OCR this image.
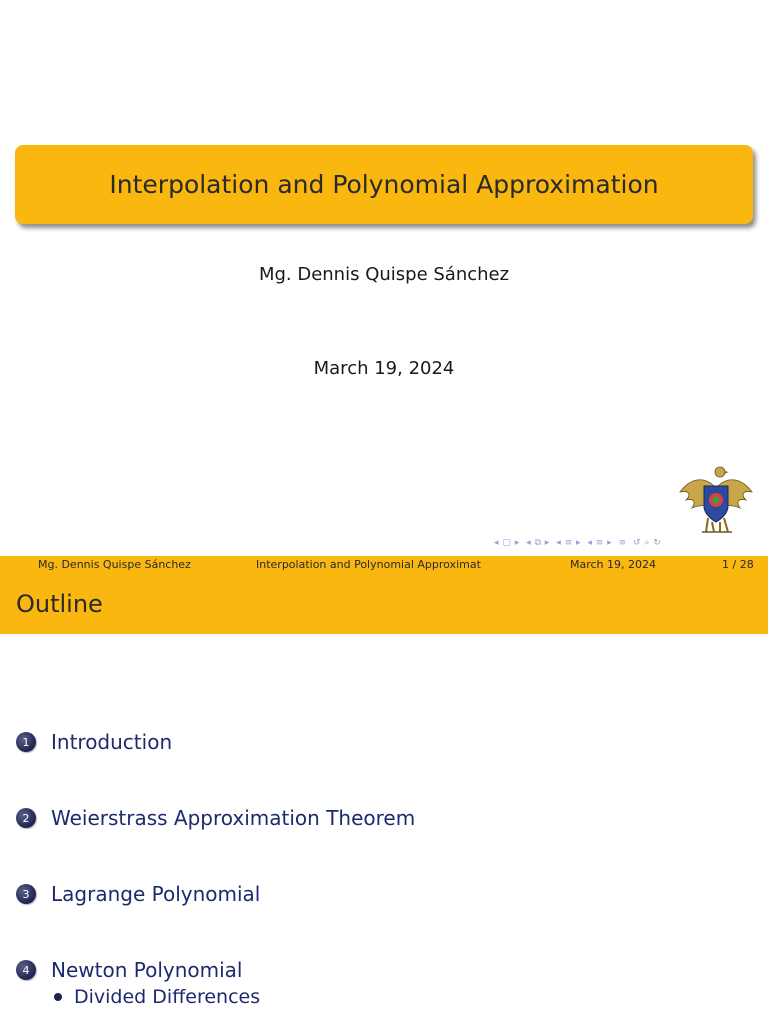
Interpolation and Polynomial Approximation
Mg. Dennis Quispe Sánchez
March 19, 2024
◂ ▢ ▸ ◂ ⧉ ▸ ◂ ≡ ▸ ◂ ≡ ▸ ≡ ↺ ⌕ ↻
Mg. Dennis Quispe Sánchez	Interpolation and Polynomial Approximat	March 19, 2024	1 / 28
Outline
1	Introduction
2	Weierstrass Approximation Theorem
3	Lagrange Polynomial
4	Newton Polynomial
Divided Differences
